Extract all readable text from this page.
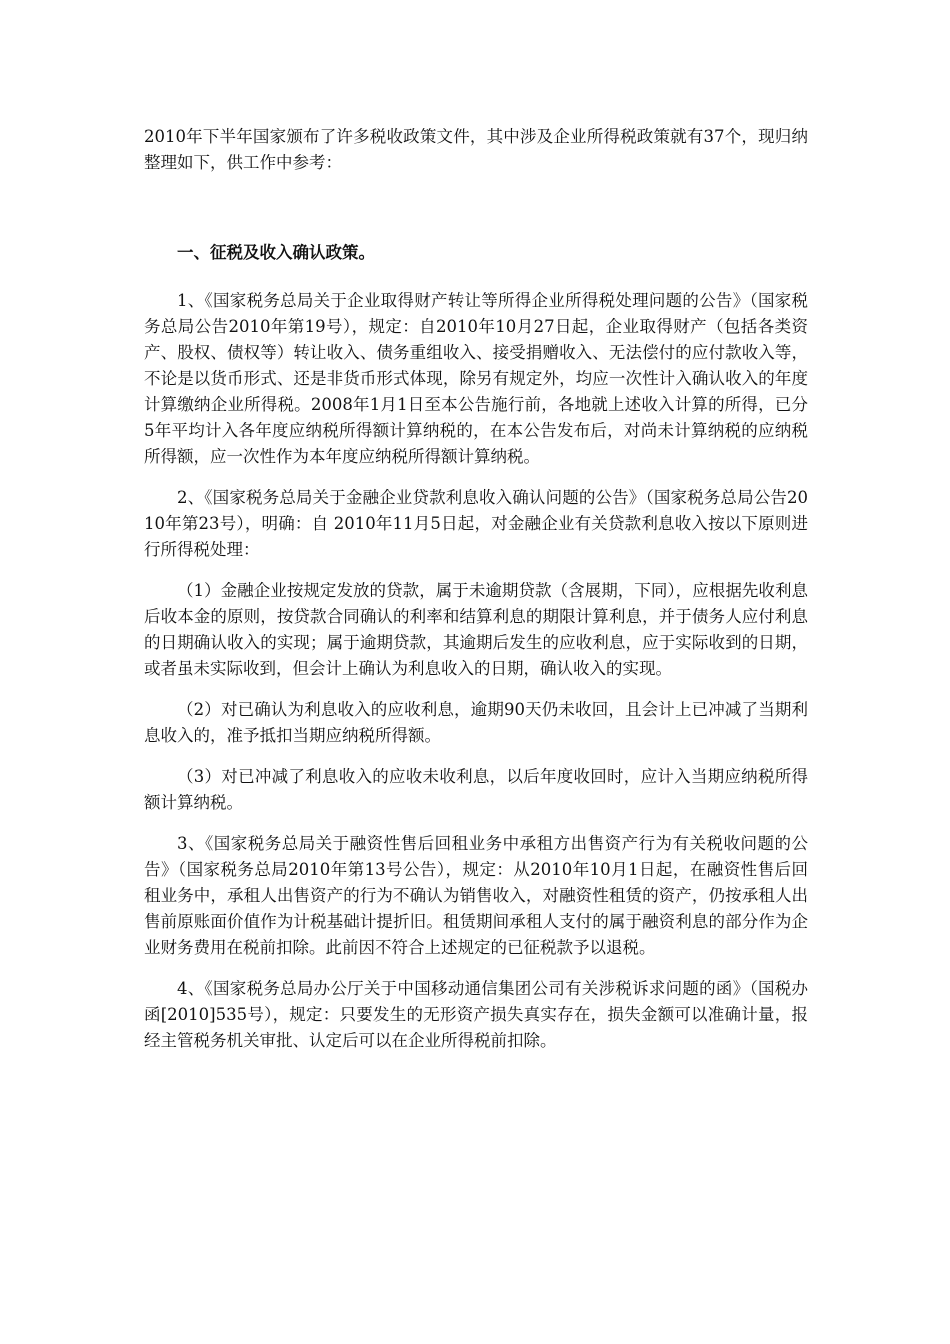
2010年下半年国家颁布了许多税收政策文件，其中涉及企业所得税政策就有37个，现归纳整理如下，供工作中参考：

一、征税及收入确认政策。

1、《国家税务总局关于企业取得财产转让等所得企业所得税处理问题的公告》（国家税务总局公告2010年第19号），规定：自2010年10月27日起，企业取得财产（包括各类资产、股权、债权等）转让收入、债务重组收入、接受捐赠收入、无法偿付的应付款收入等，不论是以货币形式、还是非货币形式体现，除另有规定外，均应一次性计入确认收入的年度计算缴纳企业所得税。2008年1月1日至本公告施行前，各地就上述收入计算的所得，已分5年平均计入各年度应纳税所得额计算纳税的，在本公告发布后，对尚未计算纳税的应纳税所得额，应一次性作为本年度应纳税所得额计算纳税。

2、《国家税务总局关于金融企业贷款利息收入确认问题的公告》（国家税务总局公告2010年第23号），明确：自 2010年11月5日起，对金融企业有关贷款利息收入按以下原则进行所得税处理：

（1）金融企业按规定发放的贷款，属于未逾期贷款（含展期，下同），应根据先收利息后收本金的原则，按贷款合同确认的利率和结算利息的期限计算利息，并于债务人应付利息的日期确认收入的实现；属于逾期贷款，其逾期后发生的应收利息，应于实际收到的日期，或者虽未实际收到，但会计上确认为利息收入的日期，确认收入的实现。

（2）对已确认为利息收入的应收利息，逾期90天仍未收回，且会计上已冲减了当期利息收入的，准予抵扣当期应纳税所得额。

（3）对已冲减了利息收入的应收未收利息，以后年度收回时，应计入当期应纳税所得额计算纳税。

3、《国家税务总局关于融资性售后回租业务中承租方出售资产行为有关税收问题的公告》（国家税务总局2010年第13号公告），规定：从2010年10月1日起，在融资性售后回租业务中，承租人出售资产的行为不确认为销售收入，对融资性租赁的资产，仍按承租人出售前原账面价值作为计税基础计提折旧。租赁期间承租人支付的属于融资利息的部分作为企业财务费用在税前扣除。此前因不符合上述规定的已征税款予以退税。

4、《国家税务总局办公厅关于中国移动通信集团公司有关涉税诉求问题的函》（国税办函[2010]535号），规定：只要发生的无形资产损失真实存在，损失金额可以准确计量，报经主管税务机关审批、认定后可以在企业所得税前扣除。
